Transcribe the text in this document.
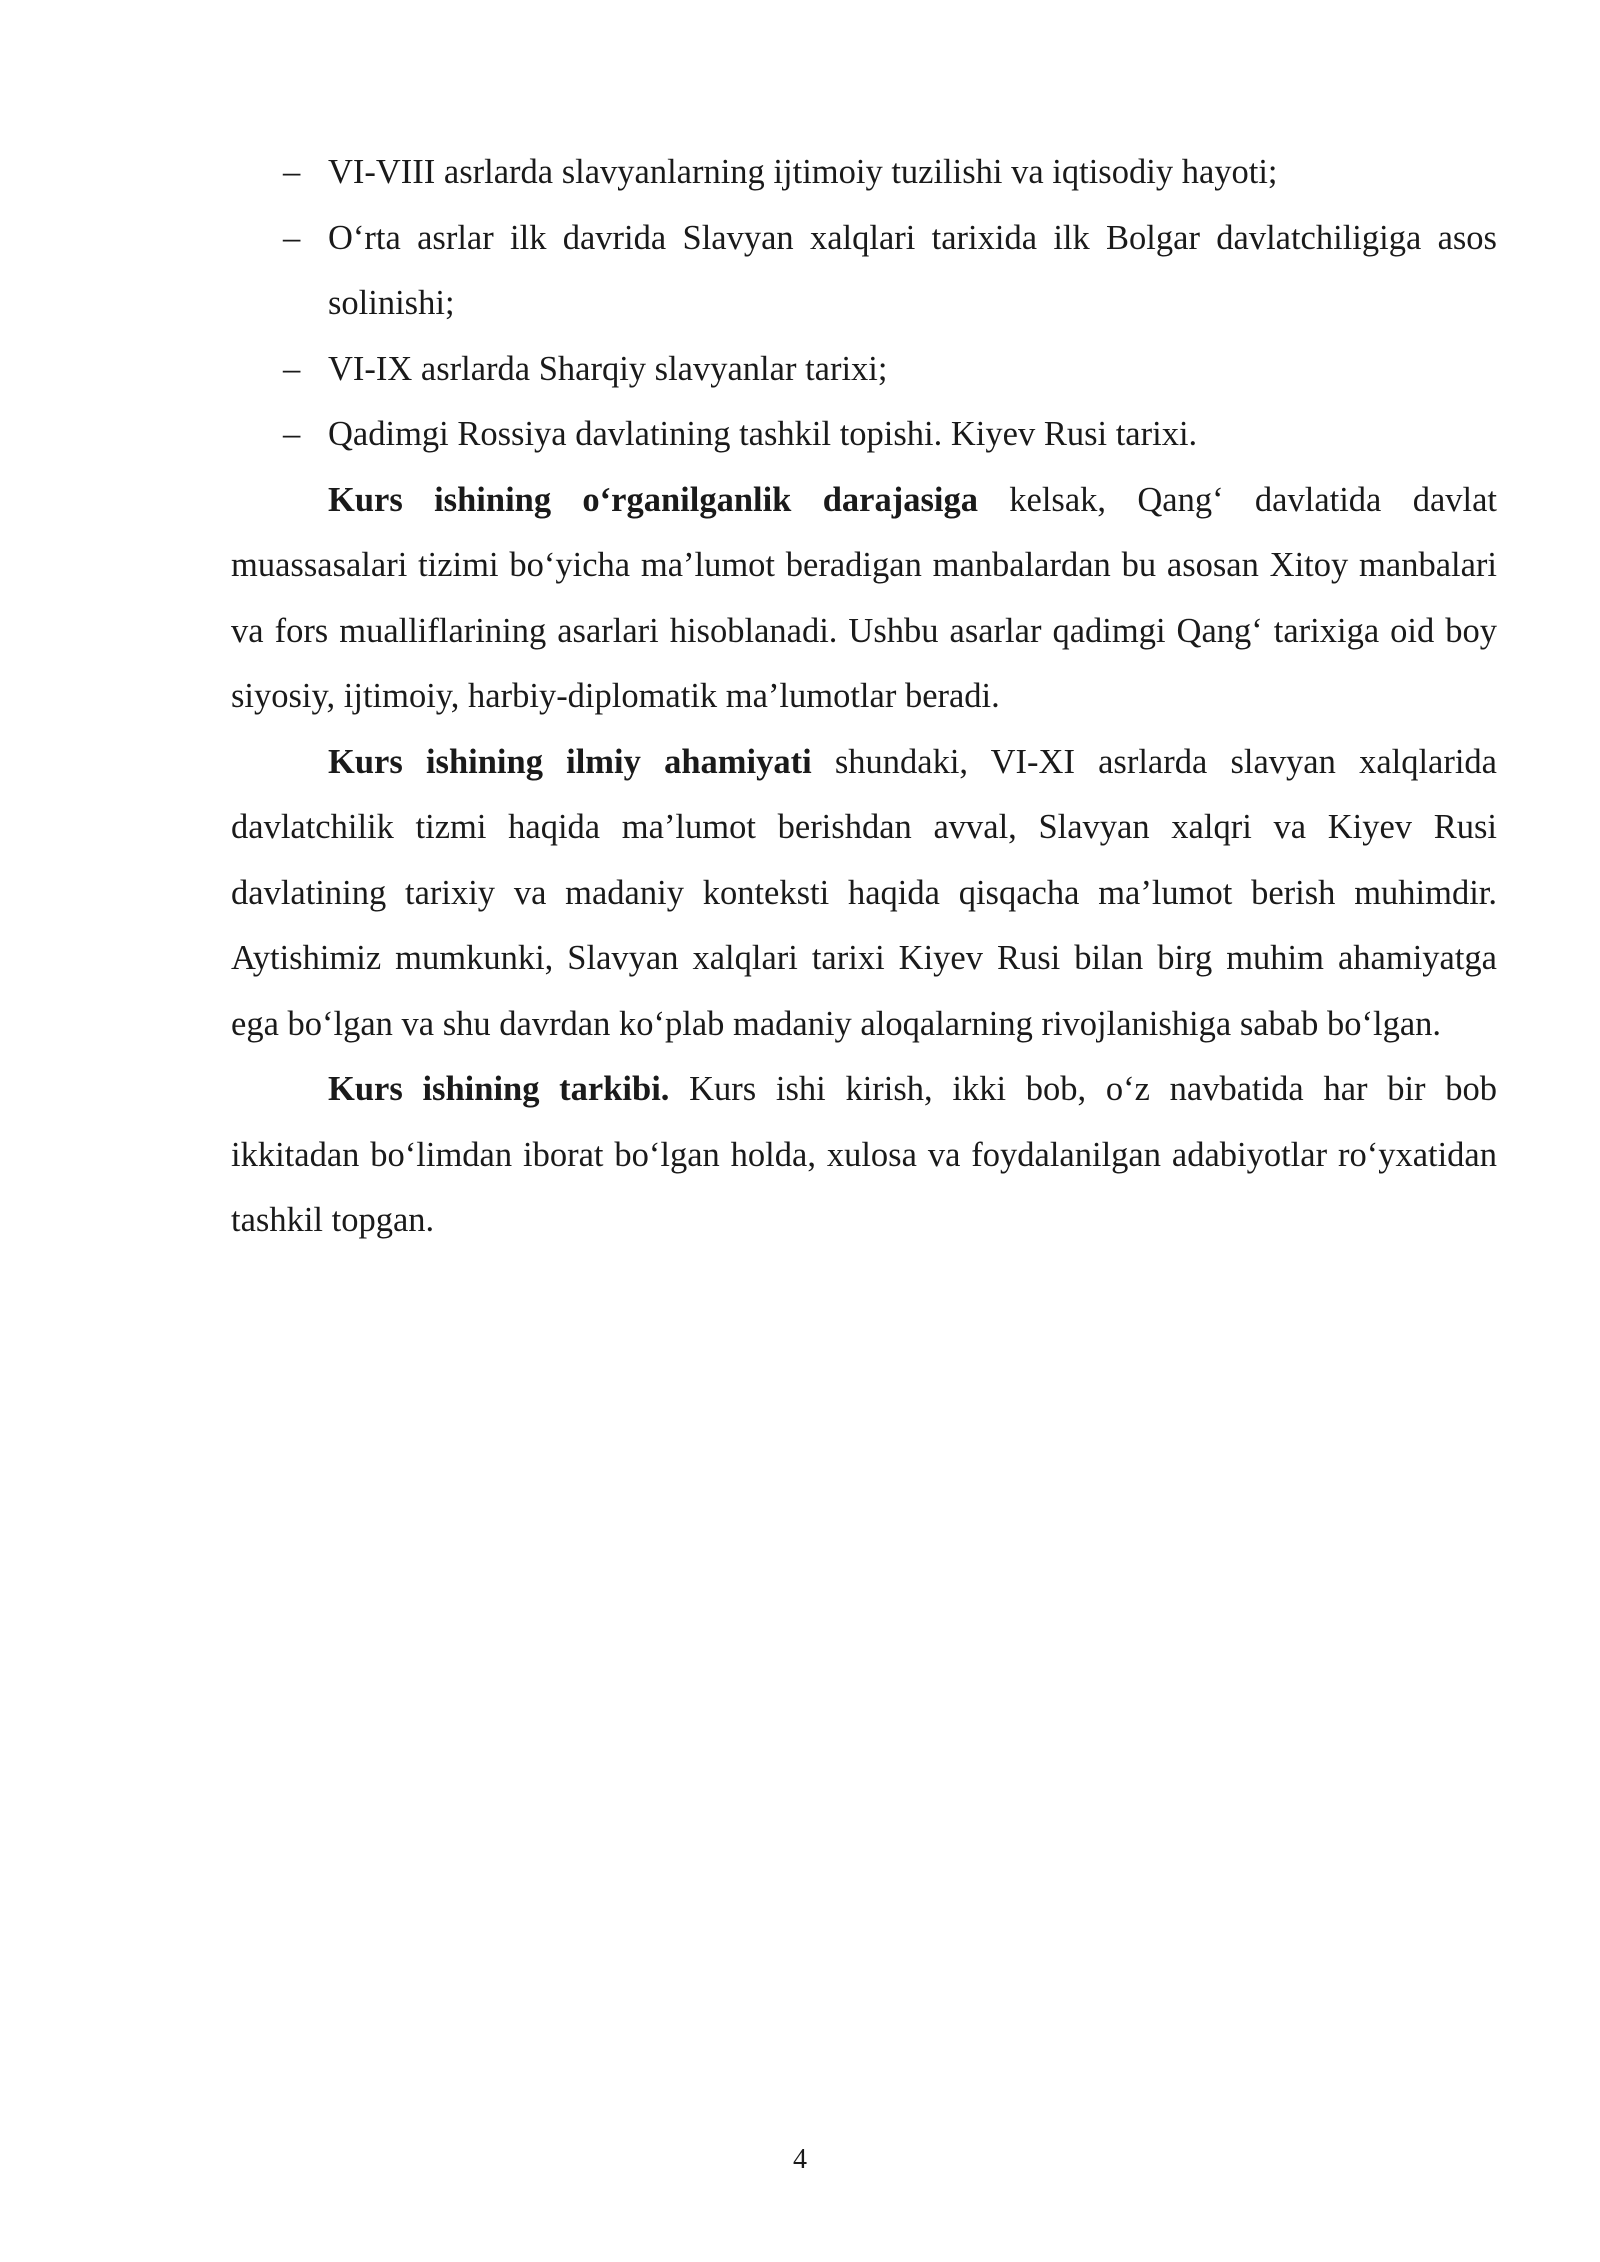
– VI-VIII asrlarda slavyanlarning ijtimoiy tuzilishi va iqtisodiy hayoti;
– O‘rta asrlar ilk davrida Slavyan xalqlari tarixida ilk Bolgar davlatchiligiga asos solinishi;
– VI-IX asrlarda Sharqiy slavyanlar tarixi;
– Qadimgi Rossiya davlatining tashkil topishi. Kiyev Rusi tarixi.

Kurs ishining o‘rganilganlik darajasiga kelsak, Qang‘ davlatida davlat muassasalari tizimi bo‘yicha ma’lumot beradigan manbalardan bu asosan Xitoy manbalari va fors mualliflarining asarlari hisoblanadi. Ushbu asarlar qadimgi Qang‘ tarixiga oid boy siyosiy, ijtimoiy, harbiy-diplomatik ma’lumotlar beradi.

Kurs ishining ilmiy ahamiyati shundaki, VI-XI asrlarda slavyan xalqlarida davlatchilik tizmi haqida ma’lumot berishdan avval, Slavyan xalqri va Kiyev Rusi davlatining tarixiy va madaniy konteksti haqida qisqacha ma’lumot berish muhimdir. Aytishimiz mumkunki, Slavyan xalqlari tarixi Kiyev Rusi bilan birg muhim ahamiyatga ega bo‘lgan va shu davrdan ko‘plab madaniy aloqalarning rivojlanishiga sabab bo‘lgan.

Kurs ishining tarkibi. Kurs ishi kirish, ikki bob, o‘z navbatida har bir bob ikkitadan bo‘limdan iborat bo‘lgan holda, xulosa va foydalanilgan adabiyotlar ro‘yxatidan tashkil topgan.

4
